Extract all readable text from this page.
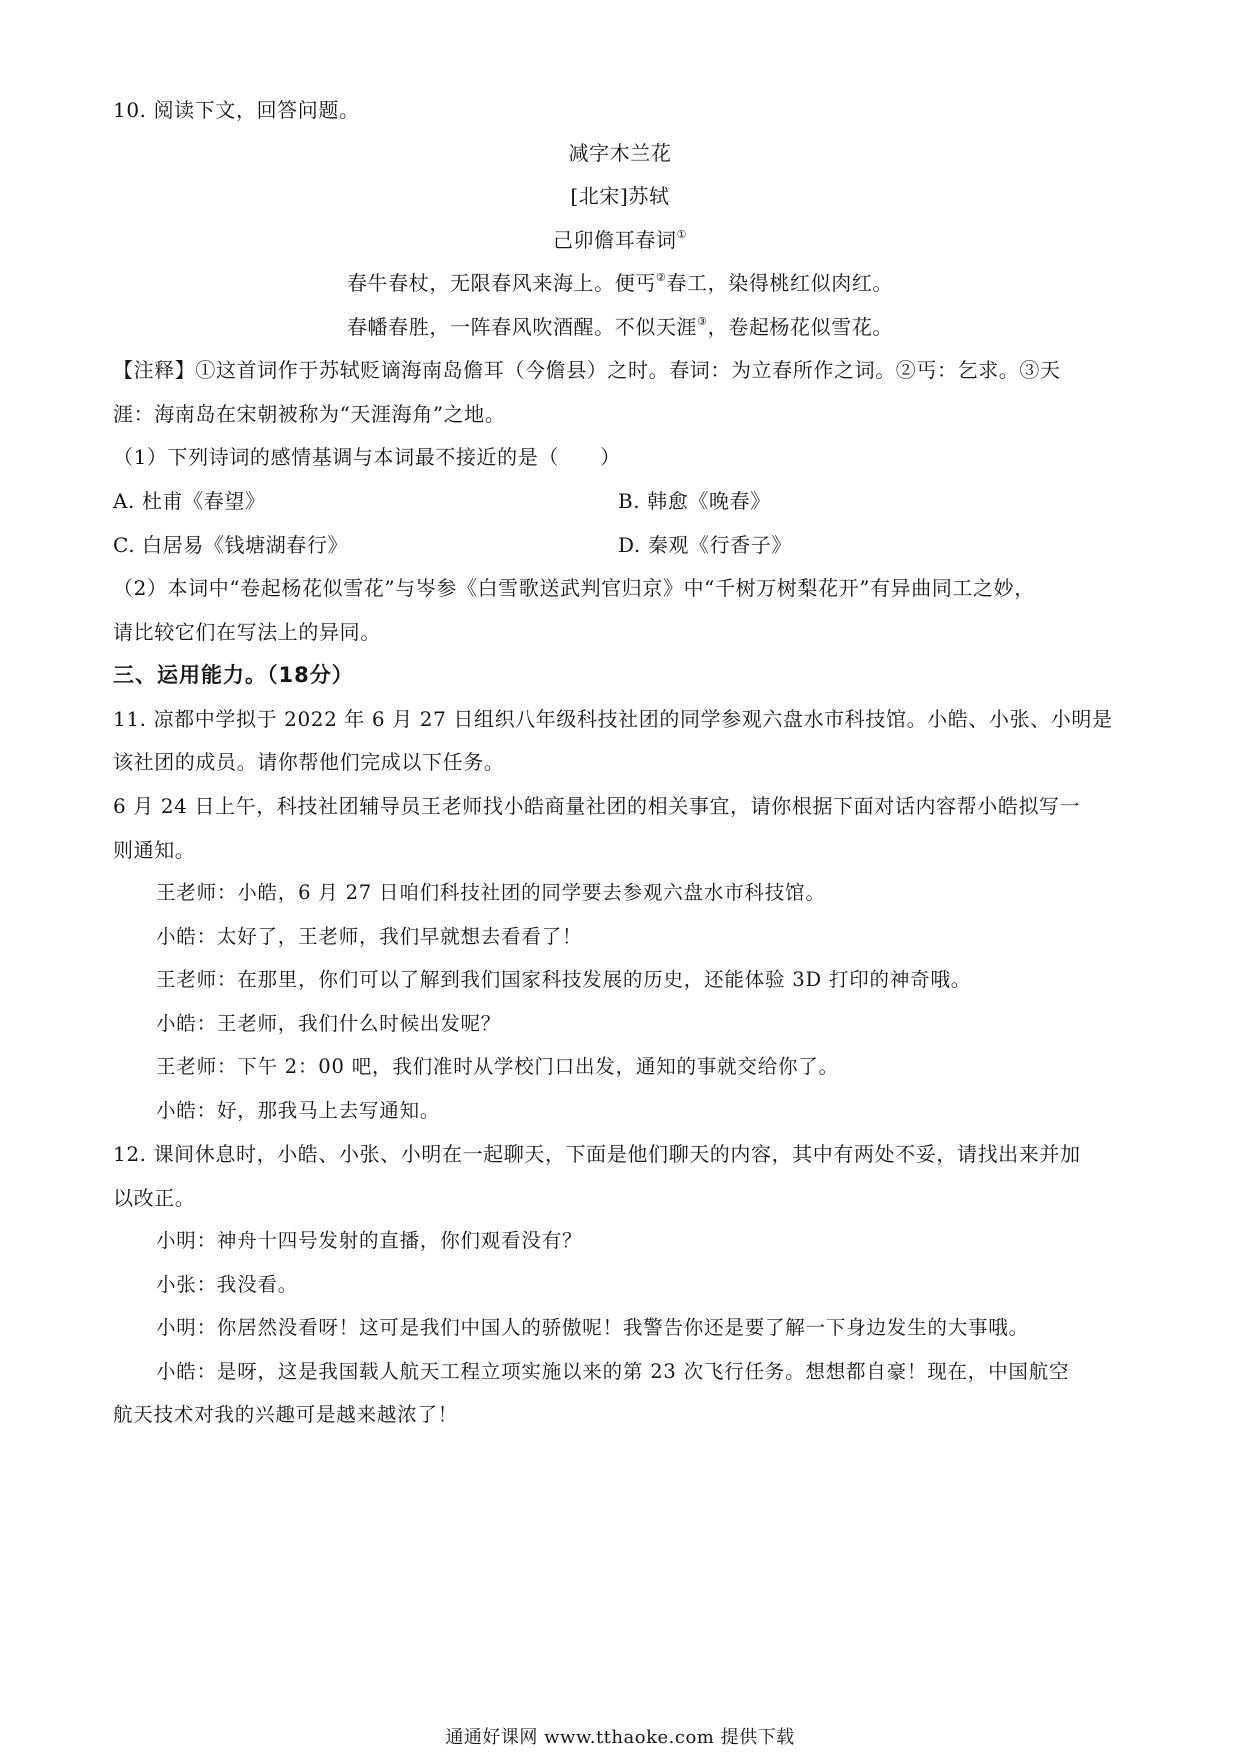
10. 阅读下文，回答问题。
减字木兰花
[北宋]苏轼
己卯儋耳春词①
春牛春杖，无限春风来海上。便丐②春工，染得桃红似肉红。
春幡春胜，一阵春风吹酒醒。不似天涯③，卷起杨花似雪花。
【注释】①这首词作于苏轼贬谪海南岛儋耳（今儋县）之时。春词：为立春所作之词。②丐：乞求。③天
涯：海南岛在宋朝被称为“天涯海角”之地。
（1）下列诗词的感情基调与本词最不接近的是（　　）
A. 杜甫《春望》	B. 韩愈《晚春》
C. 白居易《钱塘湖春行》	D. 秦观《行香子》
（2）本词中“卷起杨花似雪花”与岑参《白雪歌送武判官归京》中“千树万树梨花开”有异曲同工之妙，
请比较它们在写法上的异同。
三、运用能力。（18分）
11. 凉都中学拟于 2022 年 6 月 27 日组织八年级科技社团的同学参观六盘水市科技馆。小皓、小张、小明是
该社团的成员。请你帮他们完成以下任务。
6 月 24 日上午，科技社团辅导员王老师找小皓商量社团的相关事宜，请你根据下面对话内容帮小皓拟写一
则通知。
王老师：小皓，6 月 27 日咱们科技社团的同学要去参观六盘水市科技馆。
小皓：太好了，王老师，我们早就想去看看了！
王老师：在那里，你们可以了解到我们国家科技发展的历史，还能体验 3D 打印的神奇哦。
小皓：王老师，我们什么时候出发呢？
王老师：下午 2：00 吧，我们准时从学校门口出发，通知的事就交给你了。
小皓：好，那我马上去写通知。
12. 课间休息时，小皓、小张、小明在一起聊天，下面是他们聊天的内容，其中有两处不妥，请找出来并加
以改正。
小明：神舟十四号发射的直播，你们观看没有？
小张：我没看。
小明：你居然没看呀！这可是我们中国人的骄傲呢！我警告你还是要了解一下身边发生的大事哦。
小皓：是呀，这是我国载人航天工程立项实施以来的第 23 次飞行任务。想想都自豪！现在，中国航空
航天技术对我的兴趣可是越来越浓了！
通通好课网 www.tthaoke.com 提供下载
